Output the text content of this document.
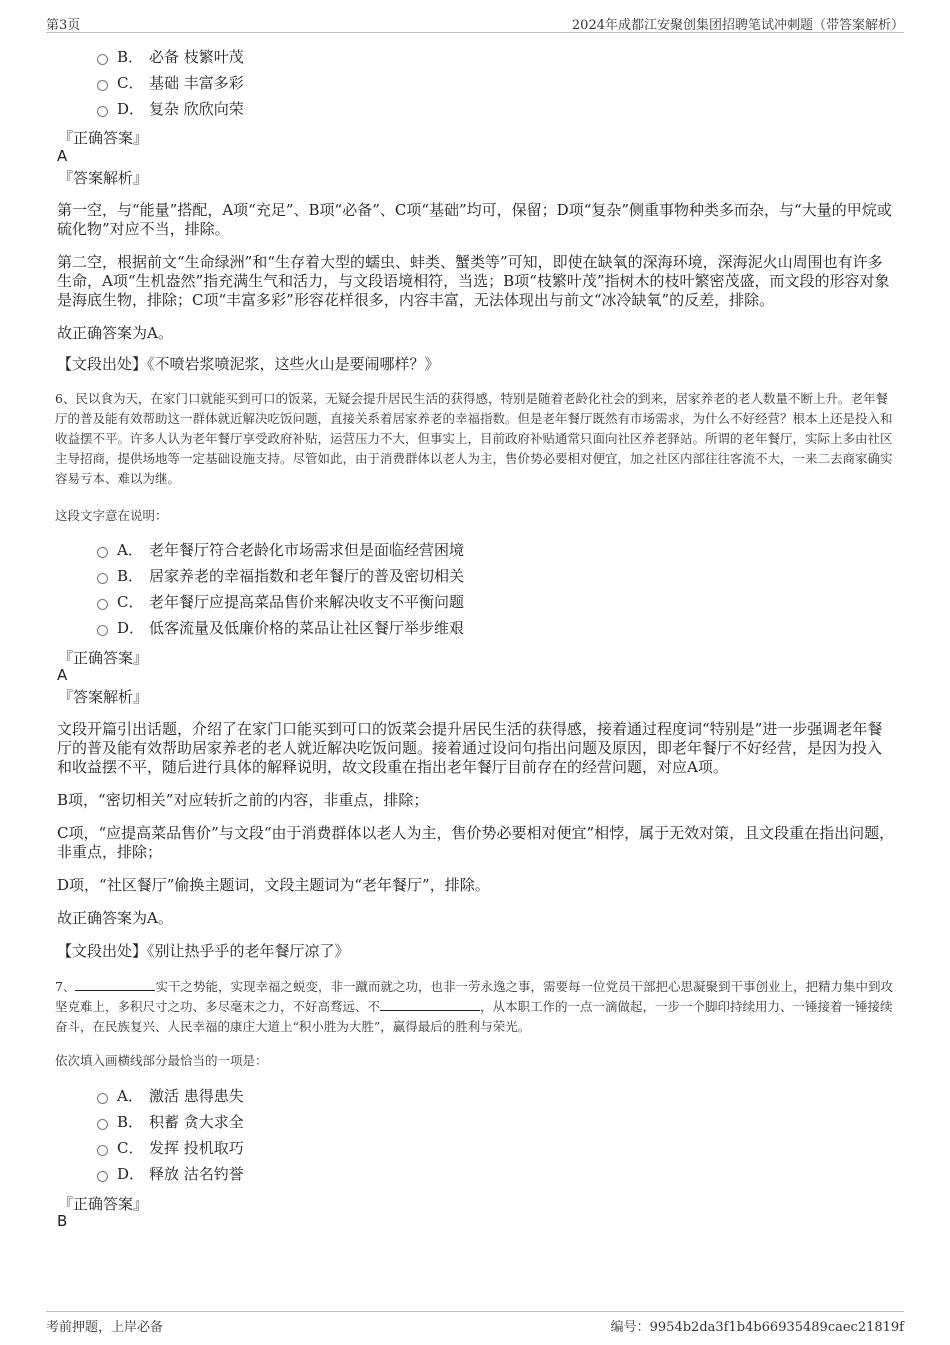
第3页	2024年成都江安聚创集团招聘笔试冲刺题（带答案解析）
B． 必备 枝繁叶茂
C． 基础 丰富多彩
D． 复杂 欣欣向荣
『正确答案』
A
『答案解析』
第一空，与“能量”搭配，A项“充足”、B项“必备”、C项“基础”均可，保留；D项“复杂”侧重事物种类多而杂，与“大量的甲烷或硫化物”对应不当，排除。
第二空，根据前文“生命绿洲”和“生存着大型的蠕虫、蚌类、蟹类等”可知，即使在缺氧的深海环境，深海泥火山周围也有许多生命，A项“生机盎然”指充满生气和活力，与文段语境相符，当选；B项“枝繁叶茂”指树木的枝叶繁密茂盛，而文段的形容对象是海底生物，排除；C项“丰富多彩”形容花样很多，内容丰富，无法体现出与前文“冰冷缺氧”的反差，排除。
故正确答案为A。
【文段出处】《不喷岩浆喷泥浆，这些火山是要闹哪样？》
6、民以食为天，在家门口就能买到可口的饭菜，无疑会提升居民生活的获得感，特别是随着老龄化社会的到来，居家养老的老人数量不断上升。老年餐厅的普及能有效帮助这一群体就近解决吃饭问题，直接关系着居家养老的幸福指数。但是老年餐厅既然有市场需求，为什么不好经营？根本上还是投入和收益摆不平。许多人认为老年餐厅享受政府补贴，运营压力不大，但事实上，目前政府补贴通常只面向社区养老驿站。所谓的老年餐厅，实际上多由社区主导招商，提供场地等一定基础设施支持。尽管如此，由于消费群体以老人为主，售价势必要相对便宜，加之社区内部往往客流不大，一来二去商家确实容易亏本、难以为继。
这段文字意在说明：
A． 老年餐厅符合老龄化市场需求但是面临经营困境
B． 居家养老的幸福指数和老年餐厅的普及密切相关
C． 老年餐厅应提高菜品售价来解决收支不平衡问题
D． 低客流量及低廉价格的菜品让社区餐厅举步维艰
『正确答案』
A
『答案解析』
文段开篇引出话题，介绍了在家门口能买到可口的饭菜会提升居民生活的获得感，接着通过程度词“特别是”进一步强调老年餐厅的普及能有效帮助居家养老的老人就近解决吃饭问题。接着通过设问句指出问题及原因，即老年餐厅不好经营，是因为投入和收益摆不平，随后进行具体的解释说明，故文段重在指出老年餐厅目前存在的经营问题，对应A项。
B项，“密切相关”对应转折之前的内容，非重点，排除；
C项，“应提高菜品售价”与文段“由于消费群体以老人为主，售价势必要相对便宜”相悖，属于无效对策，且文段重在指出问题，非重点，排除；
D项，“社区餐厅”偷换主题词，文段主题词为“老年餐厅”，排除。
故正确答案为A。
【文段出处】《别让热乎乎的老年餐厅凉了》
7、	实干之势能，实现幸福之蜕变，非一蹴而就之功，也非一劳永逸之事，需要每一位党员干部把心思凝聚到干事创业上，把精力集中到攻坚克难上，多积尺寸之功、多尽毫末之力，不好高骛远、不	，从本职工作的一点一滴做起，一步一个脚印持续用力、一锤接着一锤接续奋斗，在民族复兴、人民幸福的康庄大道上“积小胜为大胜”，赢得最后的胜利与荣光。
依次填入画横线部分最恰当的一项是：
A． 激活 患得患失
B． 积蓄 贪大求全
C． 发挥 投机取巧
D． 释放 沽名钓誉
『正确答案』
B
考前押题，上岸必备	编号：9954b2da3f1b4b66935489caec21819f
